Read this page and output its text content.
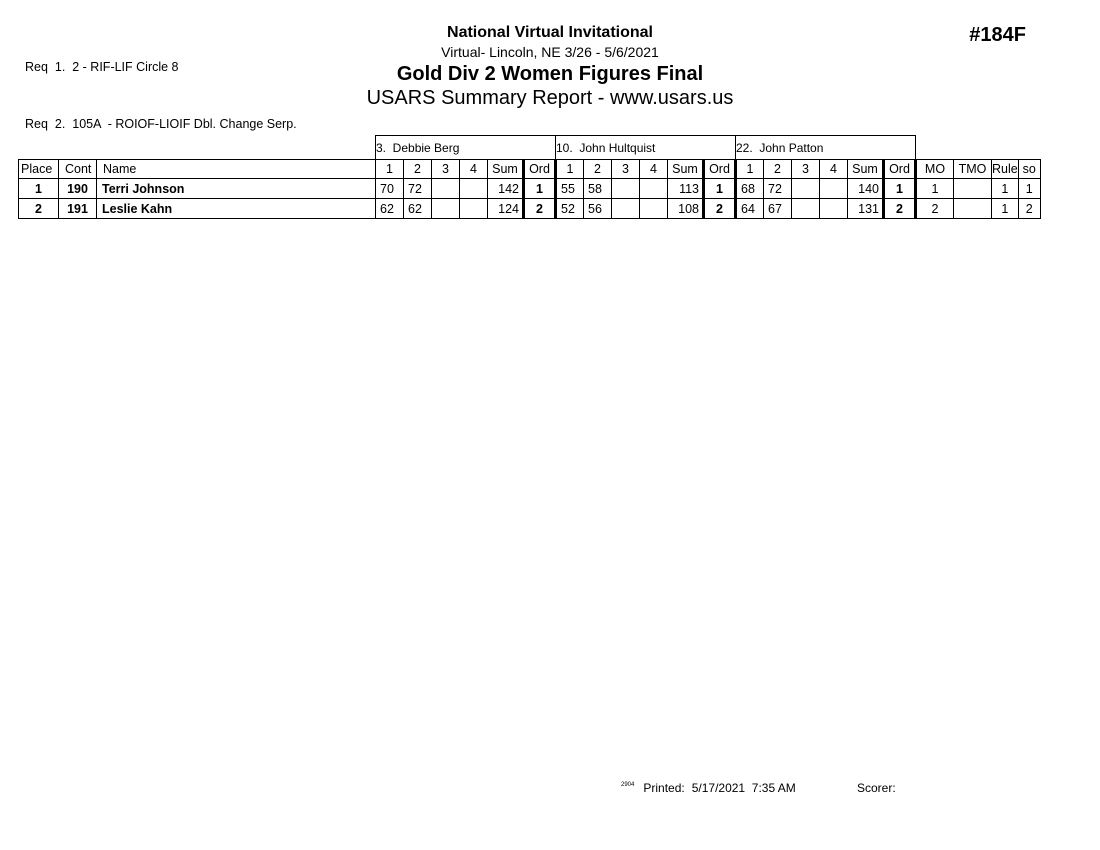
Req  1.  2 - RIF-LIF Circle 8

Req  2.  105A  - ROIOF-LIOIF Dbl. Change Serp.

National Virtual Invitational
Virtual- Lincoln, NE 3/26 - 5/6/2021
Gold Div 2 Women Figures Final
USARS Summary Report - www.usars.us
#184F
			3.  Debbie Berg						10.  John Hultquist						22.  John Patton									
Place	Cont	Name	1	2	3	4	Sum	Ord	1	2	3	4	Sum	Ord	1	2	3	4	Sum	Ord	MO	TMO	Rule	so
1	190	Terri Johnson	70	72			142	1	55	58			113	1	68	72			140	1	1		1	1
2	191	Leslie Kahn	62	62			124	2	52	56			108	2	64	67			131	2	2		1	2
$^{2904}$ Printed: 5/17/2021  7:35 AM	Scorer:
